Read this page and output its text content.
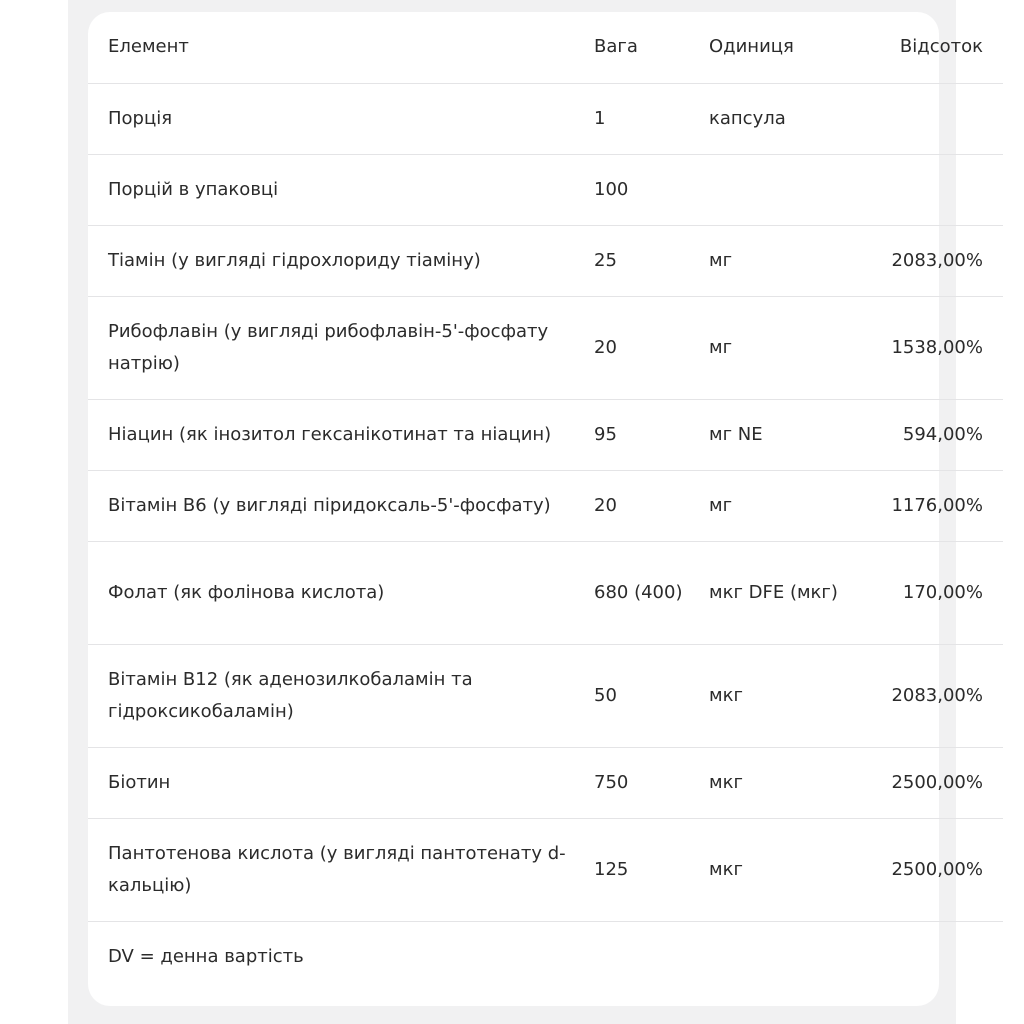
Елемент	Вага	Одиниця	Відсоток
Порція	1	капсула	
Порцій в упаковці	100		
Тіамін (у вигляді гідрохлориду тіаміну)	25	мг	2083,00%
Рибофлавін (у вигляді рибофлавін-5'-фосфату натрію)	20	мг	1538,00%
Ніацин (як інозитол гексанікотинат та ніацин)	95	мг NE	594,00%
Вітамін B6 (у вигляді піридоксаль-5'-фосфату)	20	мг	1176,00%
Фолат (як фолінова кислота)	680 (400)	мкг DFE (мкг)	170,00%
Вітамін B12 (як аденозилкобаламін та гідроксикобаламін)	50	мкг	2083,00%
Біотин	750	мкг	2500,00%
Пантотенова кислота (у вигляді пантотенату d-кальцію)	125	мкг	2500,00%
DV = денна вартість			
